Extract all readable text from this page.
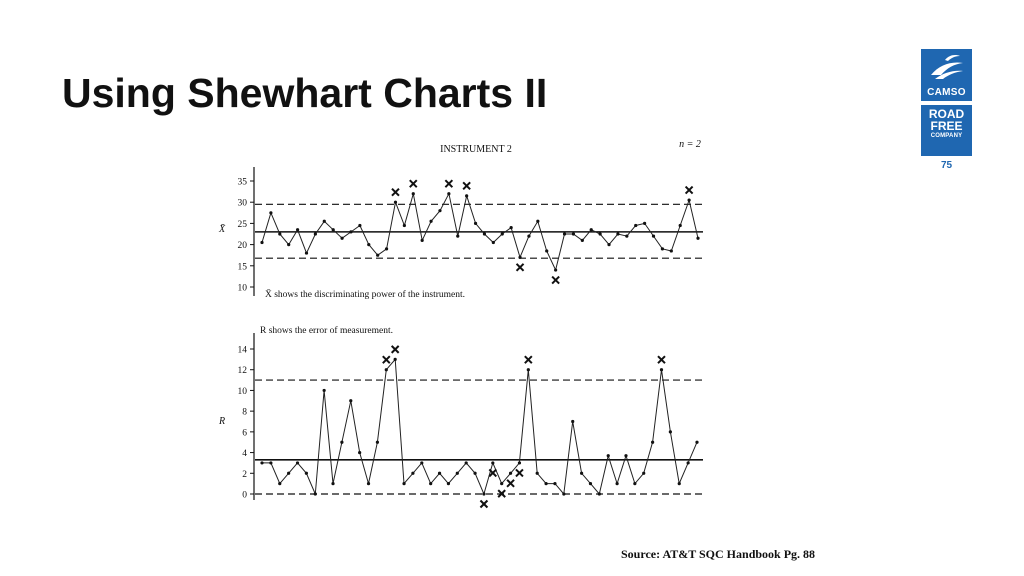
Using Shewhart Charts II	CAMSO
ROAD
FREE
COMPANY
75
INSTRUMENT 2	n = 2
35
30
25
20
15
10
X̄
X̄ shows the discriminating power of the instrument.
R shows the error of measurement.
14
12
10
8
6
4
2
0
R
Source: AT&T SQC Handbook Pg. 88
